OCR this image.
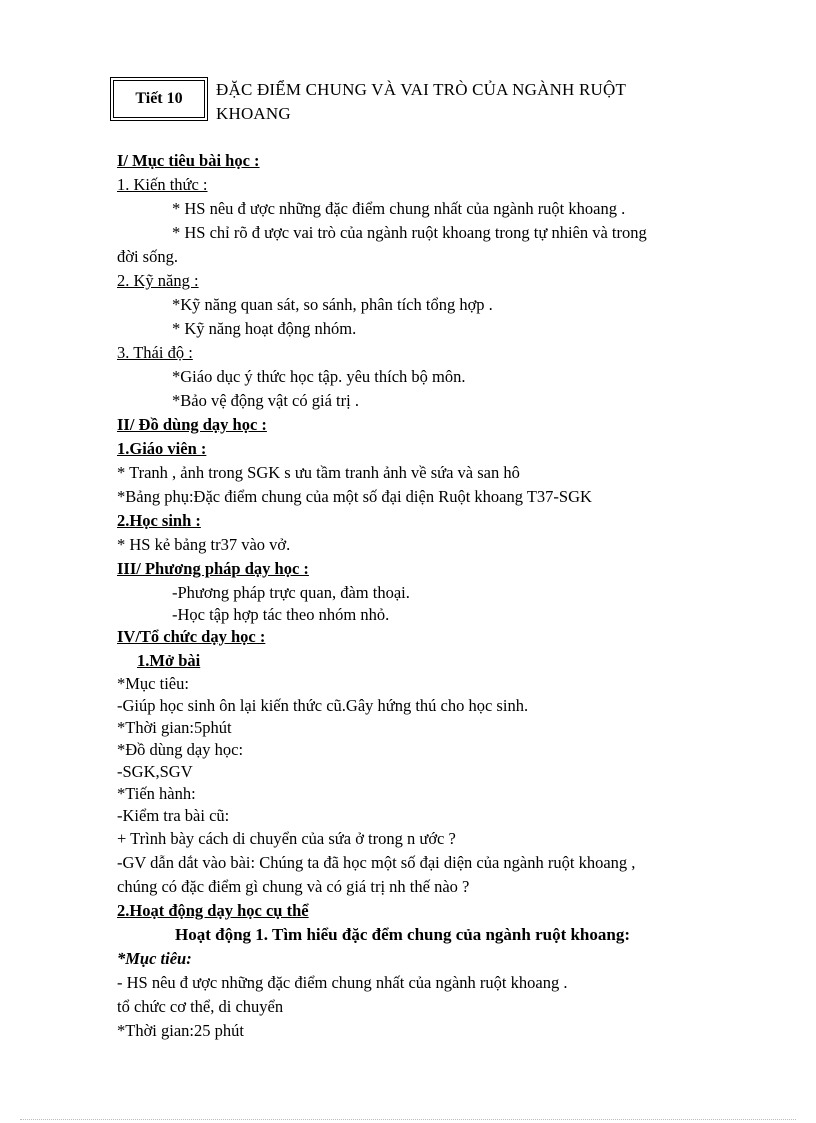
Tiết 10 ĐẶC ĐIỂM CHUNG VÀ VAI TRÒ CỦA NGÀNH RUỘT
KHOANG
I/ Mục tiêu bài học :
1. Kiến thức :
* HS nêu đ ược những đặc điểm chung nhất của ngành ruột khoang .
* HS chỉ rõ đ ược vai trò của ngành ruột khoang trong tự nhiên và trong
đời sống.
2. Kỹ năng :
*Kỹ năng quan sát, so sánh, phân tích tổng hợp .
* Kỹ năng hoạt động nhóm.
3. Thái độ :
*Giáo dục ý thức học tập. yêu thích bộ môn.
*Bảo vệ động vật có giá trị .
II/ Đồ dùng dạy học :
1.Giáo viên :
* Tranh , ảnh trong SGK s ưu tầm tranh ảnh về sứa và san hô
*Bảng phụ:Đặc điểm chung của một số đại diện Ruột khoang T37-SGK
2.Học sinh :
* HS kẻ bảng tr37 vào vở.
III/ Phương pháp dạy học :
-Phương pháp trực quan, đàm thoại.
-Học tập hợp tác theo nhóm nhỏ.
IV/Tổ chức dạy học :
1.Mở bài
*Mục tiêu:
-Giúp học sinh ôn lại kiến thức cũ.Gây hứng thú cho học sinh.
*Thời gian:5phút
*Đồ dùng dạy học:
-SGK,SGV
*Tiến hành:
-Kiểm tra bài cũ:
+ Trình bày cách di chuyển của sứa ở trong n ước ?
-GV dẫn dắt vào bài: Chúng ta đã học một số đại diện của ngành ruột khoang ,
chúng có đặc điểm gì chung và có giá trị nh thế nào ?
2.Hoạt động dạy học cụ thể
Hoạt động 1. Tìm hiểu đặc đểm chung của ngành ruột khoang:
*Mục tiêu:
- HS nêu đ ược những đặc điểm chung nhất của ngành ruột khoang .
tổ chức cơ thể, di chuyển
*Thời gian:25 phút
